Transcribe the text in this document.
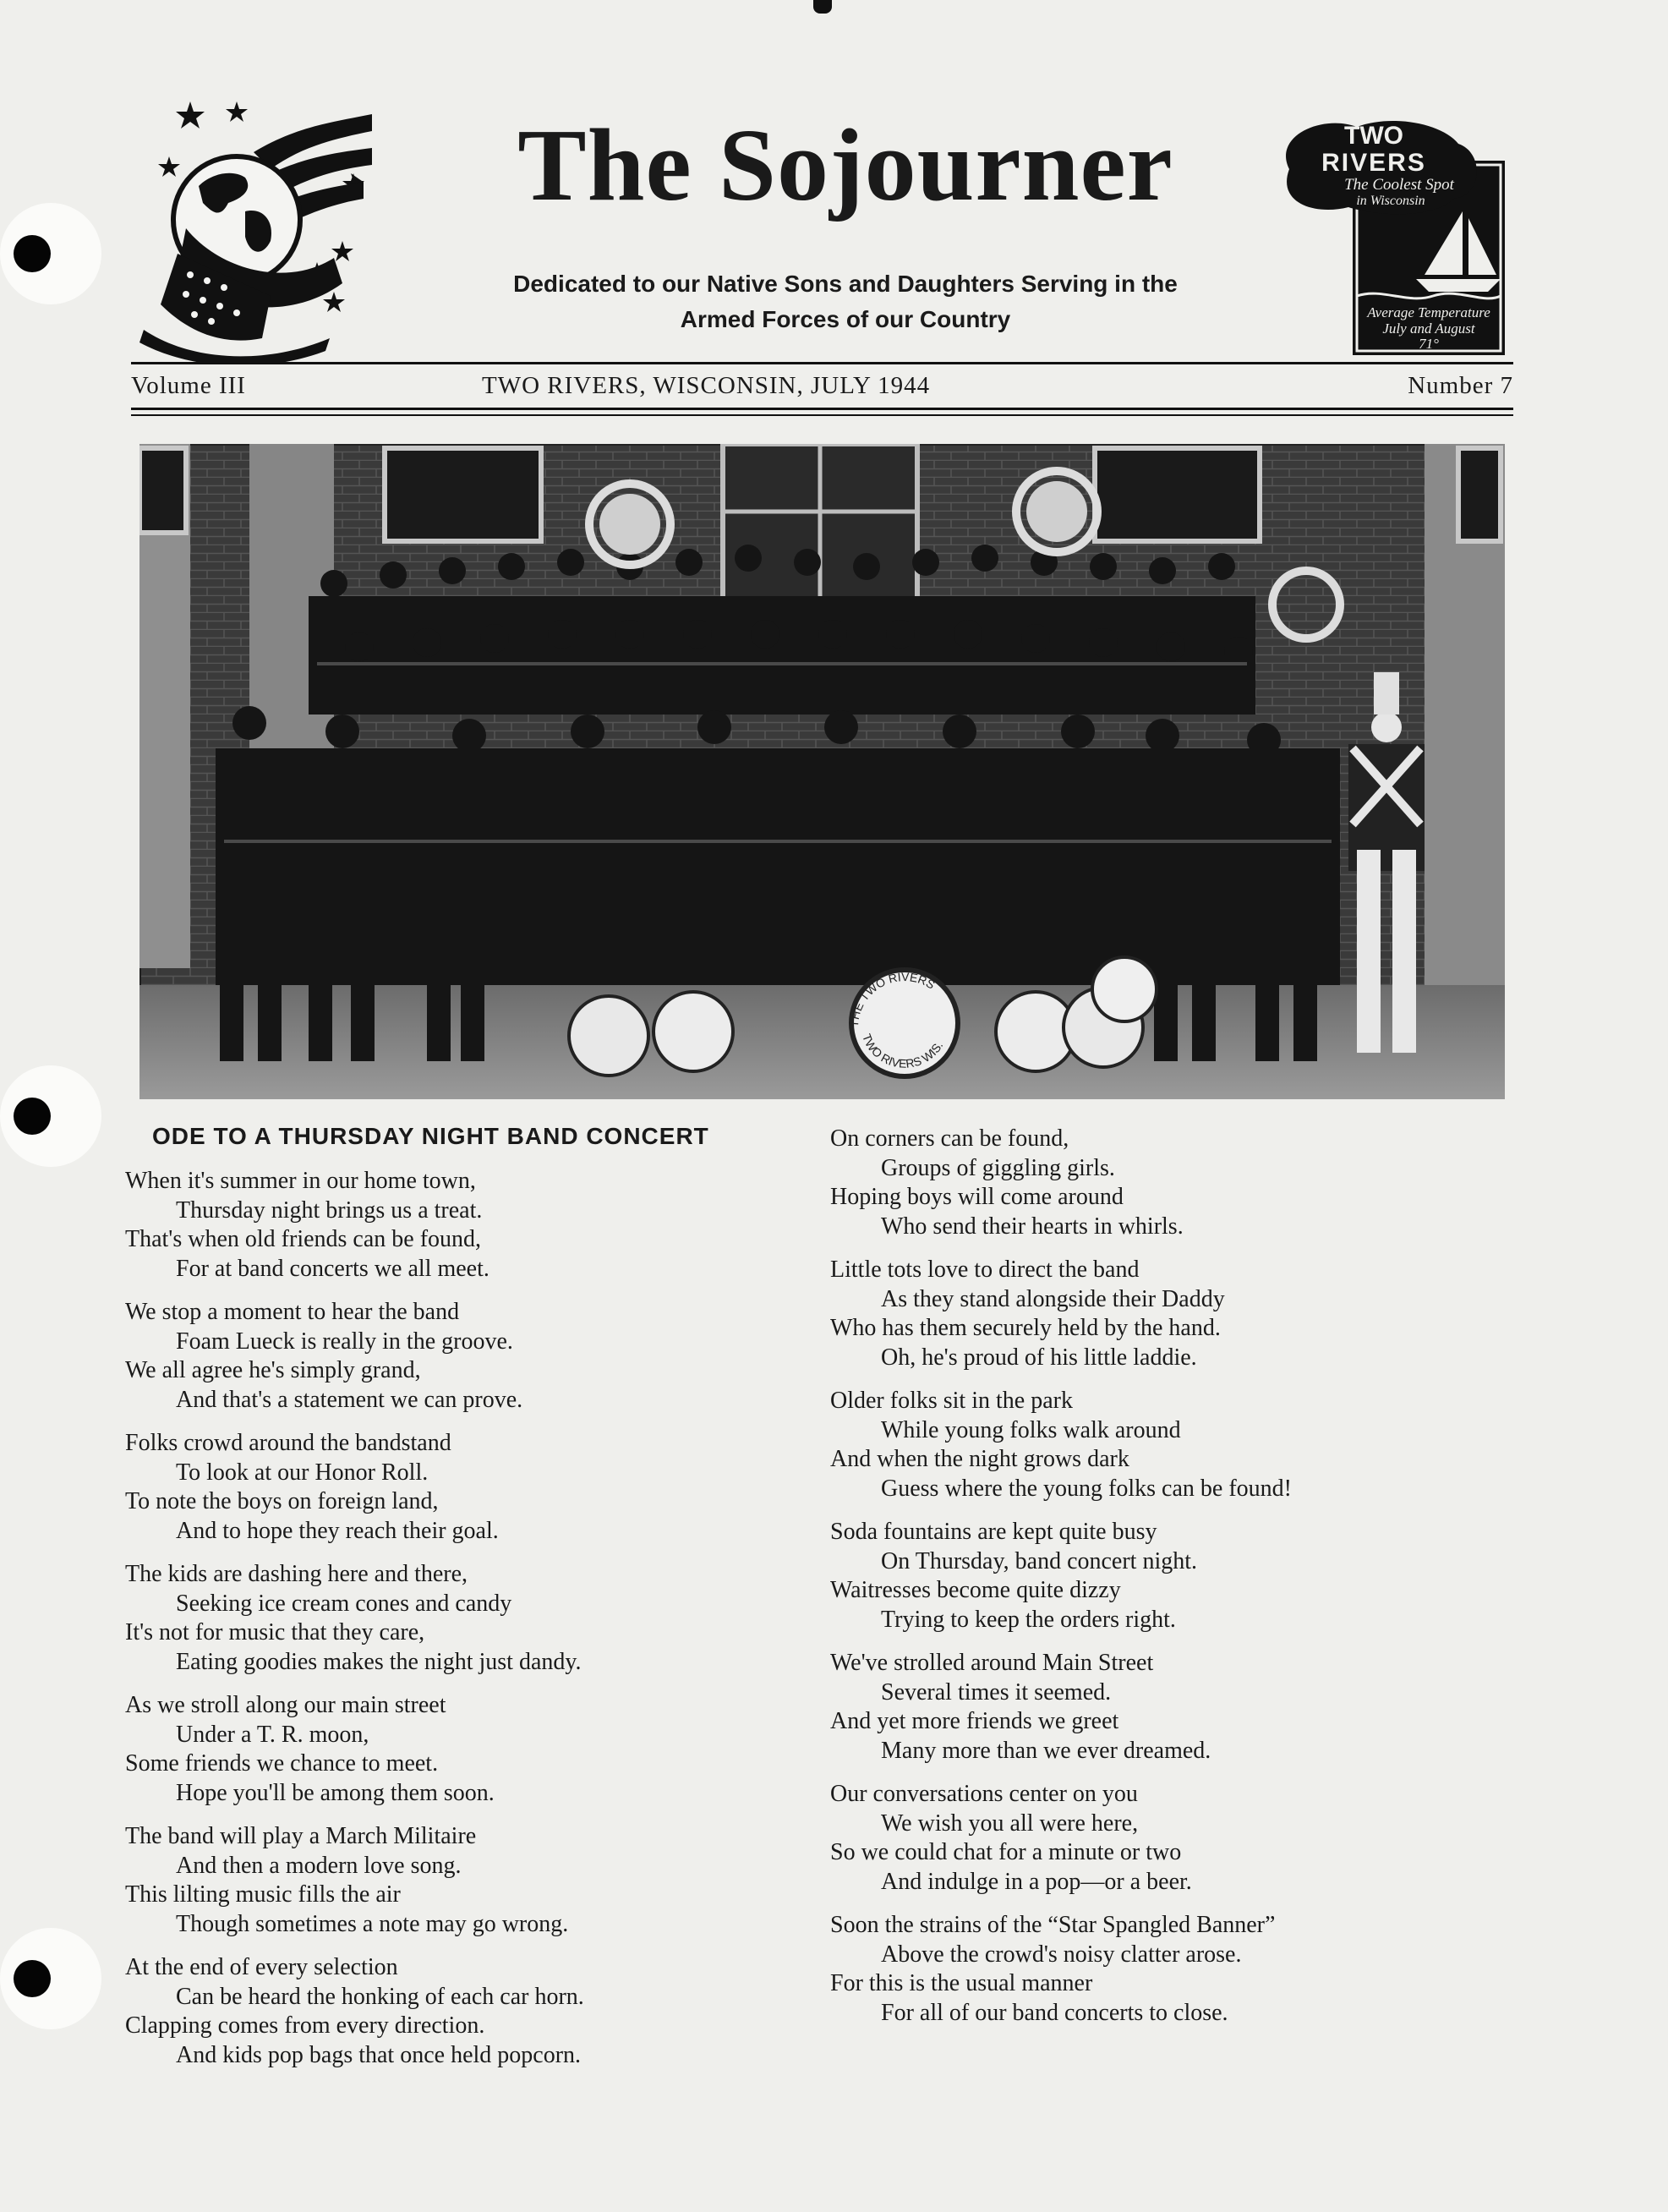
The Sojourner
Dedicated to our Native Sons and Daughters Serving in the
Armed Forces of our Country
TWO
RIVERS
The Coolest Spot
in Wisconsin
Average Temperature
July and August
71°
Volume III	TWO RIVERS, WISCONSIN, JULY 1944	Number 7
THE TWO RIVERS
TWO RIVERS WIS.
ODE TO A THURSDAY NIGHT BAND CONCERT
When it's summer in our home town,
Thursday night brings us a treat.
That's when old friends can be found,
For at band concerts we all meet.
We stop a moment to hear the band
Foam Lueck is really in the groove.
We all agree he's simply grand,
And that's a statement we can prove.
Folks crowd around the bandstand
To look at our Honor Roll.
To note the boys on foreign land,
And to hope they reach their goal.
The kids are dashing here and there,
Seeking ice cream cones and candy
It's not for music that they care,
Eating goodies makes the night just dandy.
As we stroll along our main street
Under a T. R. moon,
Some friends we chance to meet.
Hope you'll be among them soon.
The band will play a March Militaire
And then a modern love song.
This lilting music fills the air
Though sometimes a note may go wrong.
At the end of every selection
Can be heard the honking of each car horn.
Clapping comes from every direction.
And kids pop bags that once held popcorn.
On corners can be found,
Groups of giggling girls.
Hoping boys will come around
Who send their hearts in whirls.
Little tots love to direct the band
As they stand alongside their Daddy
Who has them securely held by the hand.
Oh, he's proud of his little laddie.
Older folks sit in the park
While young folks walk around
And when the night grows dark
Guess where the young folks can be found!
Soda fountains are kept quite busy
On Thursday, band concert night.
Waitresses become quite dizzy
Trying to keep the orders right.
We've strolled around Main Street
Several times it seemed.
And yet more friends we greet
Many more than we ever dreamed.
Our conversations center on you
We wish you all were here,
So we could chat for a minute or two
And indulge in a pop—or a beer.
Soon the strains of the “Star Spangled Banner”
Above the crowd's noisy clatter arose.
For this is the usual manner
For all of our band concerts to close.
